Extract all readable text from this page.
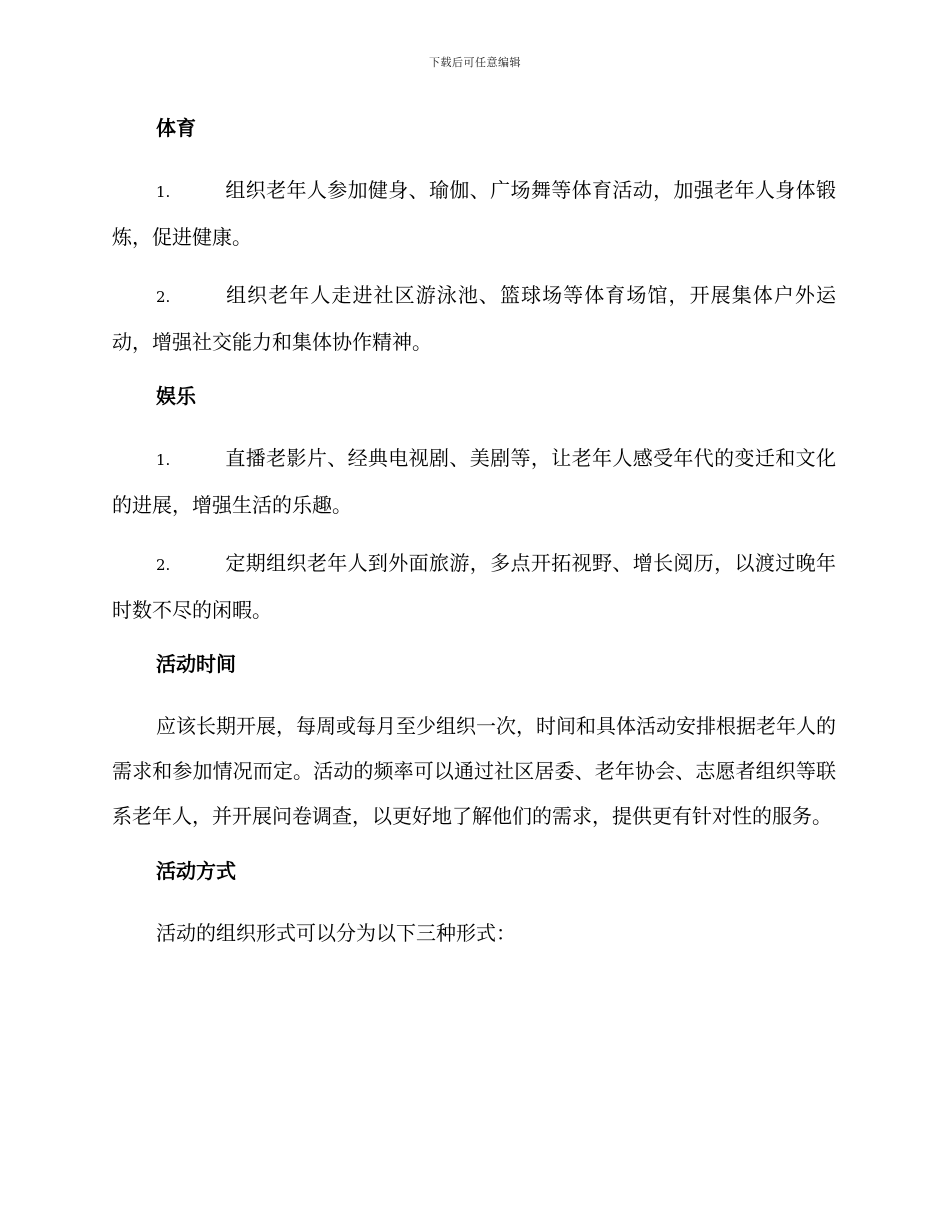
下载后可任意编辑
体育

1.	组织老年人参加健身、瑜伽、广场舞等体育活动，加强老年人身体锻炼，促进健康。

2.	组织老年人走进社区游泳池、篮球场等体育场馆，开展集体户外运动，增强社交能力和集体协作精神。

娱乐

1.	直播老影片、经典电视剧、美剧等，让老年人感受年代的变迁和文化的进展，增强生活的乐趣。

2.	定期组织老年人到外面旅游，多点开拓视野、增长阅历，以渡过晚年时数不尽的闲暇。

活动时间

应该长期开展，每周或每月至少组织一次，时间和具体活动安排根据老年人的需求和参加情况而定。活动的频率可以通过社区居委、老年协会、志愿者组织等联系老年人，并开展问卷调查，以更好地了解他们的需求，提供更有针对性的服务。

活动方式

活动的组织形式可以分为以下三种形式：
